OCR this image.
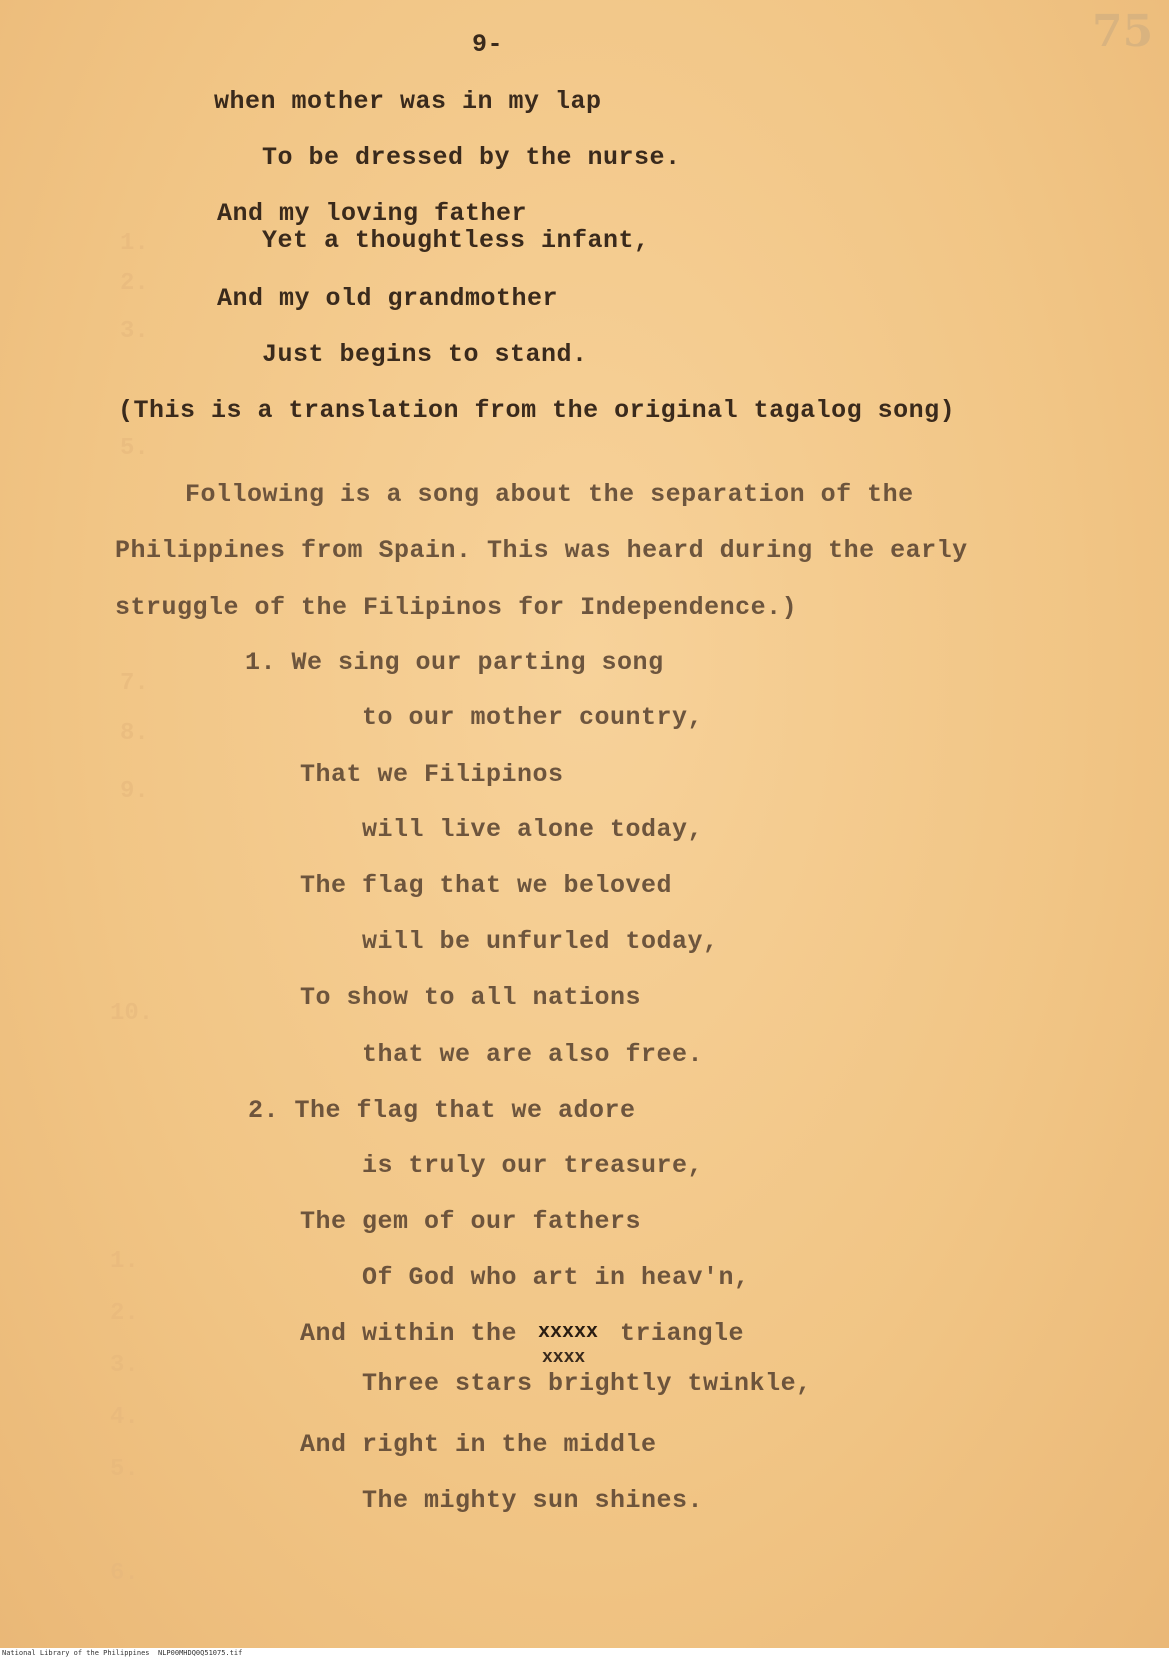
75
1.
2.
3.
5.
7.
8.
9.
10.
1.
2.
3.
4.
5.
6.
9-
when mother was in my lap
To be dressed by the nurse.
And my loving father
Yet a thoughtless infant,
And my old grandmother
Just begins to stand.
(This is a translation from the original tagalog song)
Following is a song about the separation of the
Philippines from Spain. This was heard during the early
struggle of the Filipinos for Independence.)
1. We sing our parting song
to our mother country,
That we Filipinos
will live alone today,
The flag that we beloved
will be unfurled today,
To show to all nations
that we are also free.
2. The flag that we adore
is truly our treasure,
The gem of our fathers
Of God who art in heav'n,
And within the xxxxx triangle
xxxx
Three stars brightly twinkle,
And right in the middle
The mighty sun shines.
National Library of the Philippines NLP00MHDQ0Q51075.tif
